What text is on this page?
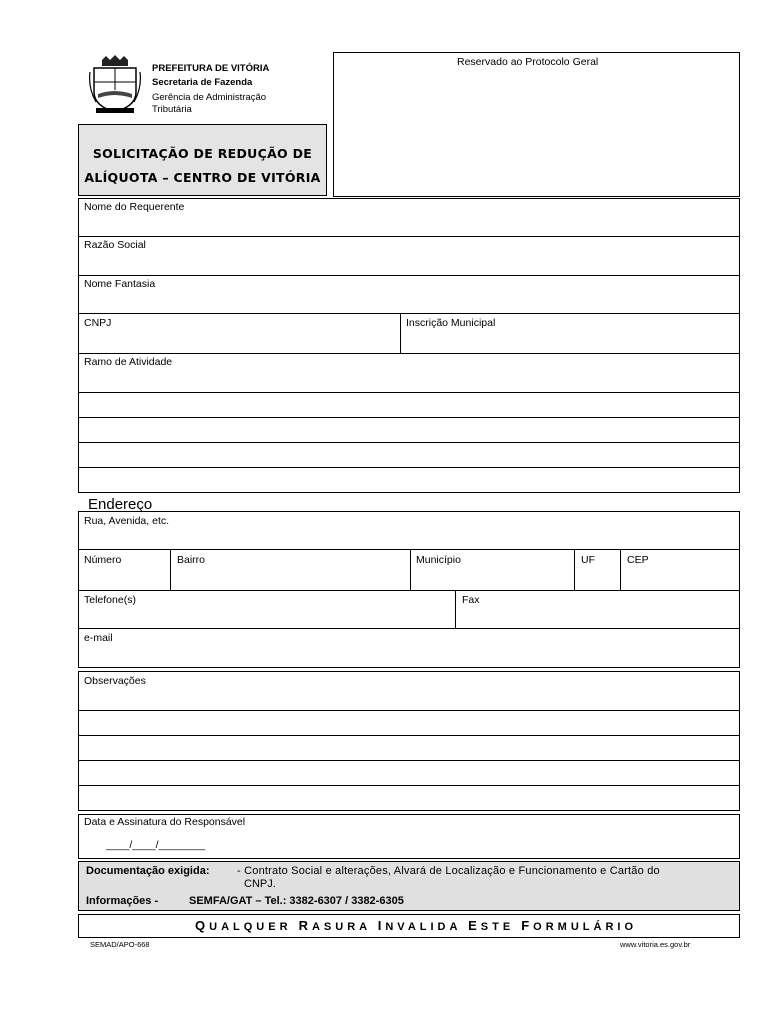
PREFEITURA DE VITÓRIA
Secretaria de Fazenda
Gerência de Administração
Tributária
Reservado ao Protocolo Geral
SOLICITAÇÃO DE REDUÇÃO DE
ALÍQUOTA – CENTRO DE VITÓRIA
Nome do Requerente
Razão Social
Nome Fantasia
CNPJ	Inscrição Municipal
Ramo de Atividade
Endereço
Rua, Avenida, etc.
Número	Bairro	Município	UF	CEP
Telefone(s)	Fax
e-mail
Observações
Data e Assinatura do Responsável
____/____/________
Documentação exigida:	- Contrato Social e alterações, Alvará de Localização e Funcionamento e Cartão do
CNPJ.
Informações -	SEMFA/GAT – Tel.: 3382-6307 / 3382-6305
QUALQUER RASURA INVALIDA ESTE FORMULÁRIO
SEMAD/APO-668	www.vitoria.es.gov.br
